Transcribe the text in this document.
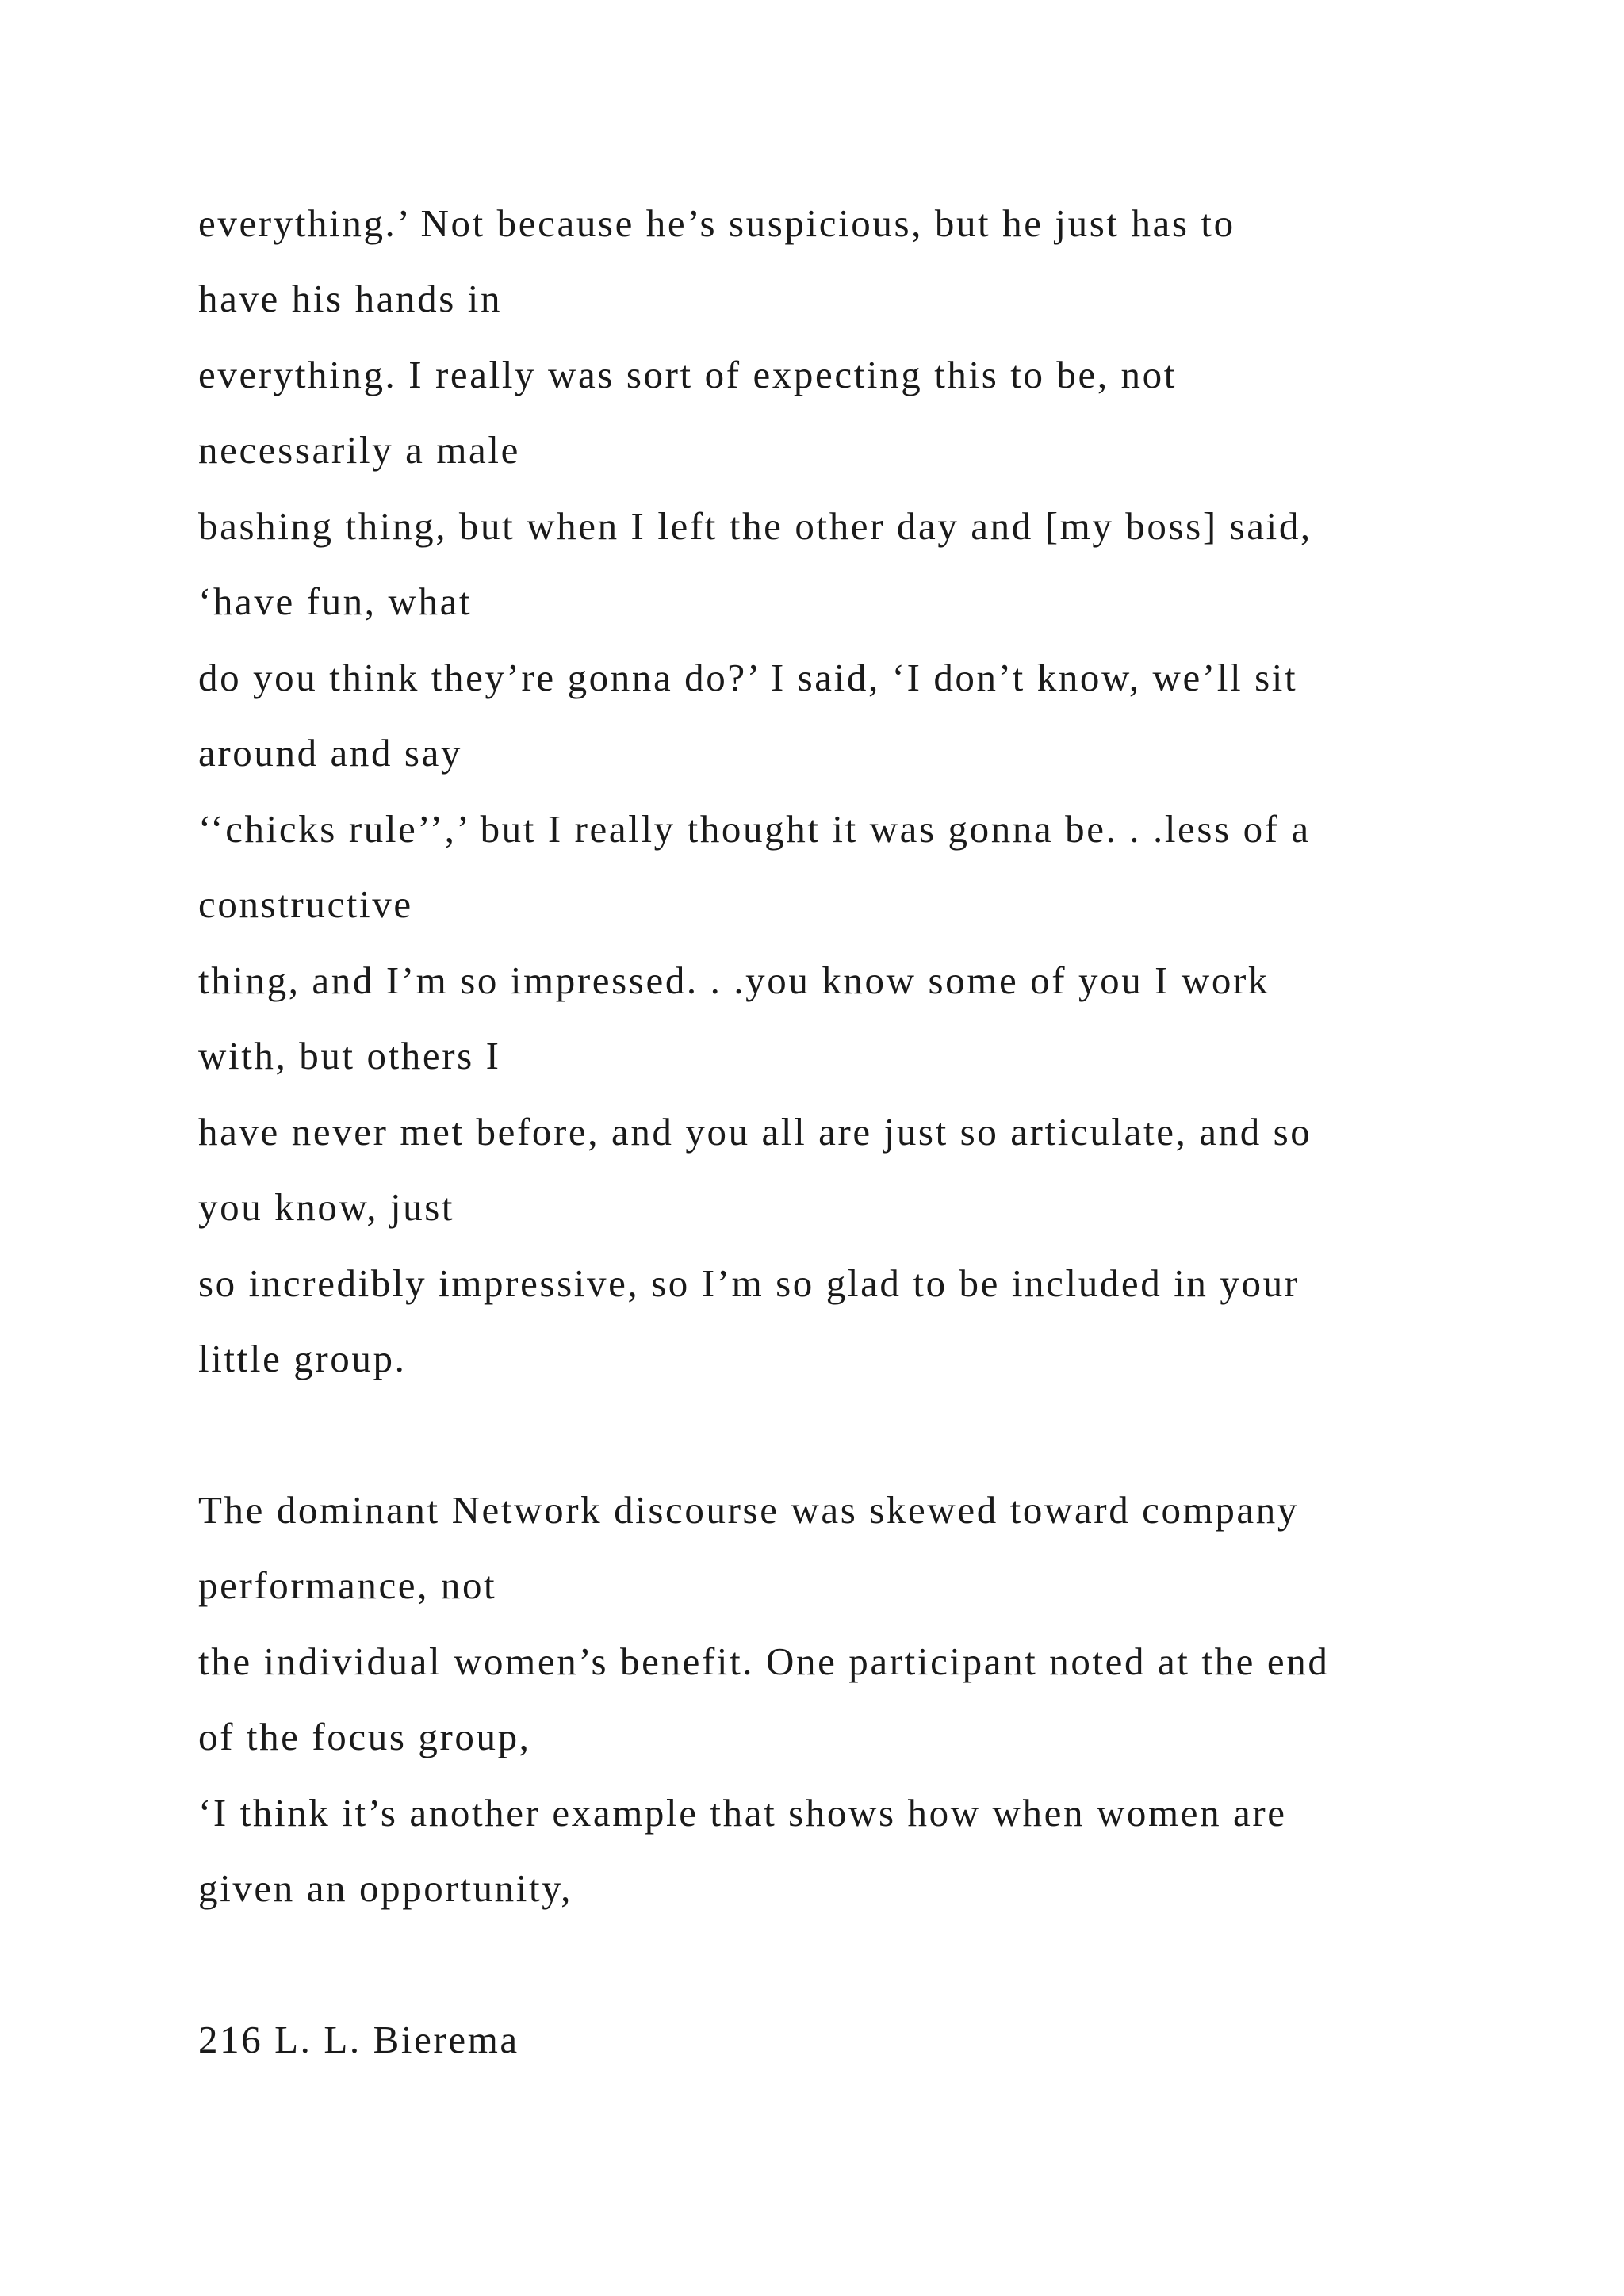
everything.’ Not because he’s suspicious, but he just has to

have his hands in

everything. I really was sort of expecting this to be, not

necessarily a male

bashing thing, but when I left the other day and [my boss] said,

‘have fun, what

do you think they’re gonna do?’ I said, ‘I don’t know, we’ll sit

around and say

‘‘chicks rule’’,’ but I really thought it was gonna be. . .less of a

constructive

thing, and I’m so impressed. . .you know some of you I work

with, but others I

have never met before, and you all are just so articulate, and so

you know, just

so incredibly impressive, so I’m so glad to be included in your

little group.

The dominant Network discourse was skewed toward company

performance, not

the individual women’s benefit. One participant noted at the end

of the focus group,

‘I think it’s another example that shows how when women are

given an opportunity,

216 L. L. Bierema
